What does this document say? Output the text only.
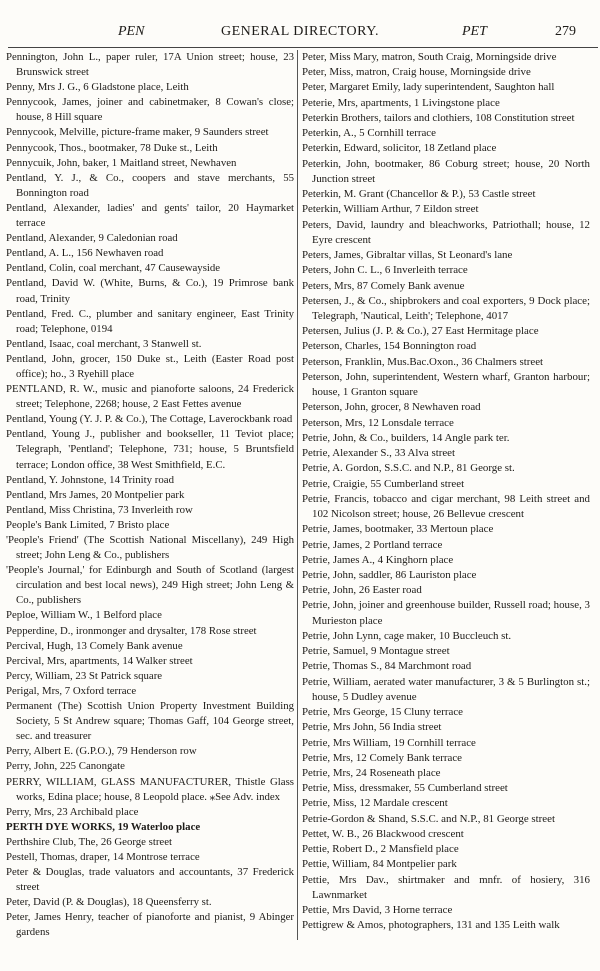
PEN	GENERAL DIRECTORY.	PET	279

Pennington, John L., paper ruler, 17A Union street; house, 23 Brunswick street

Penny, Mrs J. G., 6 Gladstone place, Leith

Pennycook, James, joiner and cabinetmaker, 8 Cowan's close; house, 8 Hill square

Pennycook, Melville, picture-frame maker, 9 Saunders street

Pennycook, Thos., bootmaker, 78 Duke st., Leith

Pennycuik, John, baker, 1 Maitland street, Newhaven

Pentland, Y. J., & Co., coopers and stave merchants, 55 Bonnington road

Pentland, Alexander, ladies' and gents' tailor, 20 Haymarket terrace

Pentland, Alexander, 9 Caledonian road

Pentland, A. L., 156 Newhaven road

Pentland, Colin, coal merchant, 47 Causewayside

Pentland, David W. (White, Burns, & Co.), 19 Primrose bank road, Trinity

Pentland, Fred. C., plumber and sanitary engineer, East Trinity road; Telephone, 0194

Pentland, Isaac, coal merchant, 3 Stanwell st.

Pentland, John, grocer, 150 Duke st., Leith (Easter Road post office); ho., 3 Ryehill place

PENTLAND, R. W., music and pianoforte saloons, 24 Frederick street; Telephone, 2268; house, 2 East Fettes avenue

Pentland, Young (Y. J. P. & Co.), The Cottage, Laverockbank road

Pentland, Young J., publisher and bookseller, 11 Teviot place; Telegraph, 'Pentland'; Telephone, 731; house, 5 Bruntsfield terrace; London office, 38 West Smithfield, E.C.

Pentland, Y. Johnstone, 14 Trinity road

Pentland, Mrs James, 20 Montpelier park

Pentland, Miss Christina, 73 Inverleith row

People's Bank Limited, 7 Bristo place

'People's Friend' (The Scottish National Miscellany), 249 High street; John Leng & Co., publishers

'People's Journal,' for Edinburgh and South of Scotland (largest circulation and best local news), 249 High street; John Leng & Co., publishers

Peploe, William W., 1 Belford place

Pepperdine, D., ironmonger and drysalter, 178 Rose street

Percival, Hugh, 13 Comely Bank avenue

Percival, Mrs, apartments, 14 Walker street

Percy, William, 23 St Patrick square

Perigal, Mrs, 7 Oxford terrace

Permanent (The) Scottish Union Property Investment Building Society, 5 St Andrew square; Thomas Gaff, 104 George street, sec. and treasurer

Perry, Albert E. (G.P.O.), 79 Henderson row

Perry, John, 225 Canongate

PERRY, WILLIAM, GLASS MANUFACTURER, Thistle Glass works, Edina place; house, 8 Leopold place. ⁎See Adv. index

Perry, Mrs, 23 Archibald place

PERTH DYE WORKS, 19 Waterloo place

Perthshire Club, The, 26 George street

Pestell, Thomas, draper, 14 Montrose terrace

Peter & Douglas, trade valuators and accountants, 37 Frederick street

Peter, David (P. & Douglas), 18 Queensferry st.

Peter, James Henry, teacher of pianoforte and pianist, 9 Abinger gardens

Peter, Miss Mary, matron, South Craig, Morningside drive

Peter, Miss, matron, Craig house, Morningside drive

Peter, Margaret Emily, lady superintendent, Saughton hall

Peterie, Mrs, apartments, 1 Livingstone place

Peterkin Brothers, tailors and clothiers, 108 Constitution street

Peterkin, A., 5 Cornhill terrace

Peterkin, Edward, solicitor, 18 Zetland place

Peterkin, John, bootmaker, 86 Coburg street; house, 20 North Junction street

Peterkin, M. Grant (Chancellor & P.), 53 Castle street

Peterkin, William Arthur, 7 Eildon street

Peters, David, laundry and bleachworks, Patriothall; house, 12 Eyre crescent

Peters, James, Gibraltar villas, St Leonard's lane

Peters, John C. L., 6 Inverleith terrace

Peters, Mrs, 87 Comely Bank avenue

Petersen, J., & Co., shipbrokers and coal exporters, 9 Dock place; Telegraph, 'Nautical, Leith'; Telephone, 4017

Petersen, Julius (J. P. & Co.), 27 East Hermitage place

Peterson, Charles, 154 Bonnington road

Peterson, Franklin, Mus.Bac.Oxon., 36 Chalmers street

Peterson, John, superintendent, Western wharf, Granton harbour; house, 1 Granton square

Peterson, John, grocer, 8 Newhaven road

Peterson, Mrs, 12 Lonsdale terrace

Petrie, John, & Co., builders, 14 Angle park ter.

Petrie, Alexander S., 33 Alva street

Petrie, A. Gordon, S.S.C. and N.P., 81 George st.

Petrie, Craigie, 55 Cumberland street

Petrie, Francis, tobacco and cigar merchant, 98 Leith street and 102 Nicolson street; house, 26 Bellevue crescent

Petrie, James, bootmaker, 33 Mertoun place

Petrie, James, 2 Portland terrace

Petrie, James A., 4 Kinghorn place

Petrie, John, saddler, 86 Lauriston place

Petrie, John, 26 Easter road

Petrie, John, joiner and greenhouse builder, Russell road; house, 3 Murieston place

Petrie, John Lynn, cage maker, 10 Buccleuch st.

Petrie, Samuel, 9 Montague street

Petrie, Thomas S., 84 Marchmont road

Petrie, William, aerated water manufacturer, 3 & 5 Burlington st.; house, 5 Dudley avenue

Petrie, Mrs George, 15 Cluny terrace

Petrie, Mrs John, 56 India street

Petrie, Mrs William, 19 Cornhill terrace

Petrie, Mrs, 12 Comely Bank terrace

Petrie, Mrs, 24 Roseneath place

Petrie, Miss, dressmaker, 55 Cumberland street

Petrie, Miss, 12 Mardale crescent

Petrie-Gordon & Shand, S.S.C. and N.P., 81 George street

Pettet, W. B., 26 Blackwood crescent

Pettie, Robert D., 2 Mansfield place

Pettie, William, 84 Montpelier park

Pettie, Mrs Dav., shirtmaker and mnfr. of hosiery, 316 Lawnmarket

Pettie, Mrs David, 3 Horne terrace

Pettigrew & Amos, photographers, 131 and 135 Leith walk
